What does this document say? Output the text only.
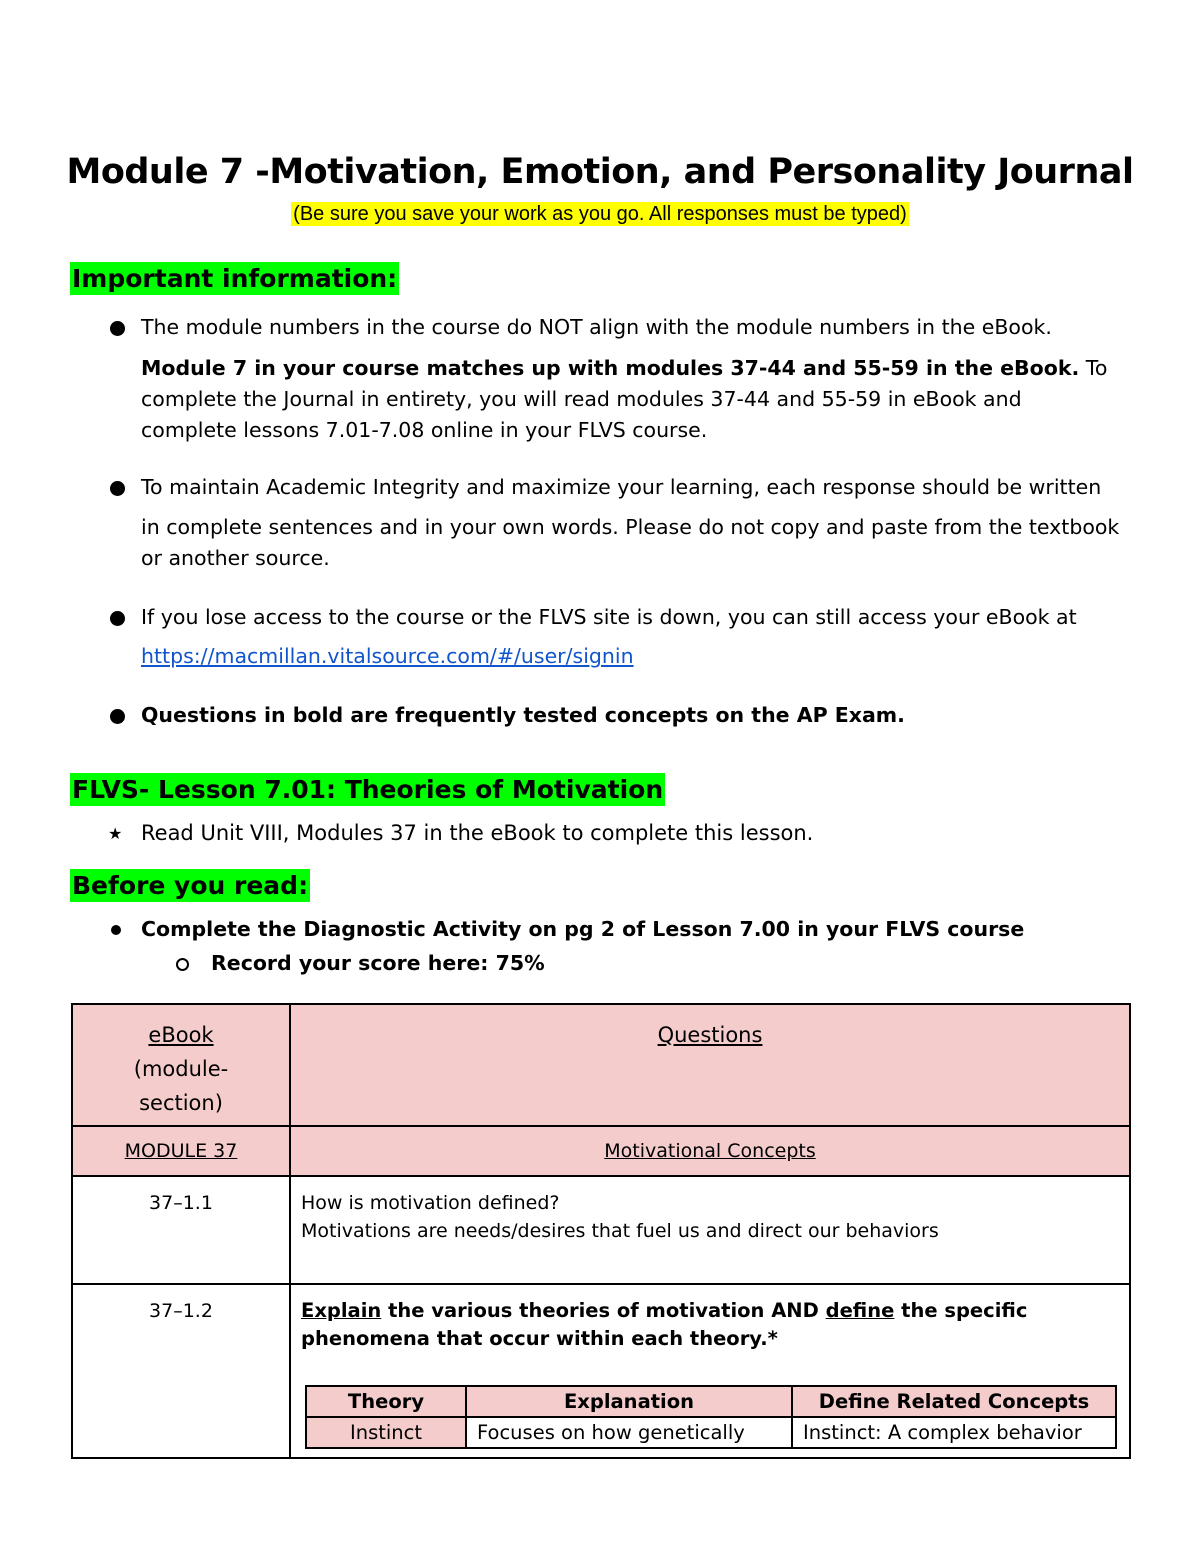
Module 7 -Motivation, Emotion, and Personality Journal
(Be sure you save your work as you go. All responses must be typed)
Important information:
The module numbers in the course do NOT align with the module numbers in the eBook.
Module 7 in your course matches up with modules 37-44 and 55-59 in the eBook. To
complete the Journal in entirety, you will read modules 37-44 and 55-59 in eBook and
complete lessons 7.01-7.08 online in your FLVS course.
To maintain Academic Integrity and maximize your learning, each response should be written
in complete sentences and in your own words. Please do not copy and paste from the textbook
or another source.
If you lose access to the course or the FLVS site is down, you can still access your eBook at
https://macmillan.vitalsource.com/#/user/signin
Questions in bold are frequently tested concepts on the AP Exam.
FLVS- Lesson 7.01: Theories of Motivation
★ Read Unit VIII, Modules 37 in the eBook to complete this lesson.
Before you read:
Complete the Diagnostic Activity on pg 2 of Lesson 7.00 in your FLVS course
Record your score here: 75%
eBook
(module-
section)
	Questions
MODULE 37	Motivational Concepts
37–1.1	How is motivation defined?
Motivations are needs/desires that fuel us and direct our behaviors

37–1.2	Explain the various theories of motivation AND define the specific phenomena that occur within each theory.*
Theory	Explanation	Define Related Concepts
Instinct	Focuses on how genetically	Instinct: A complex behavior
